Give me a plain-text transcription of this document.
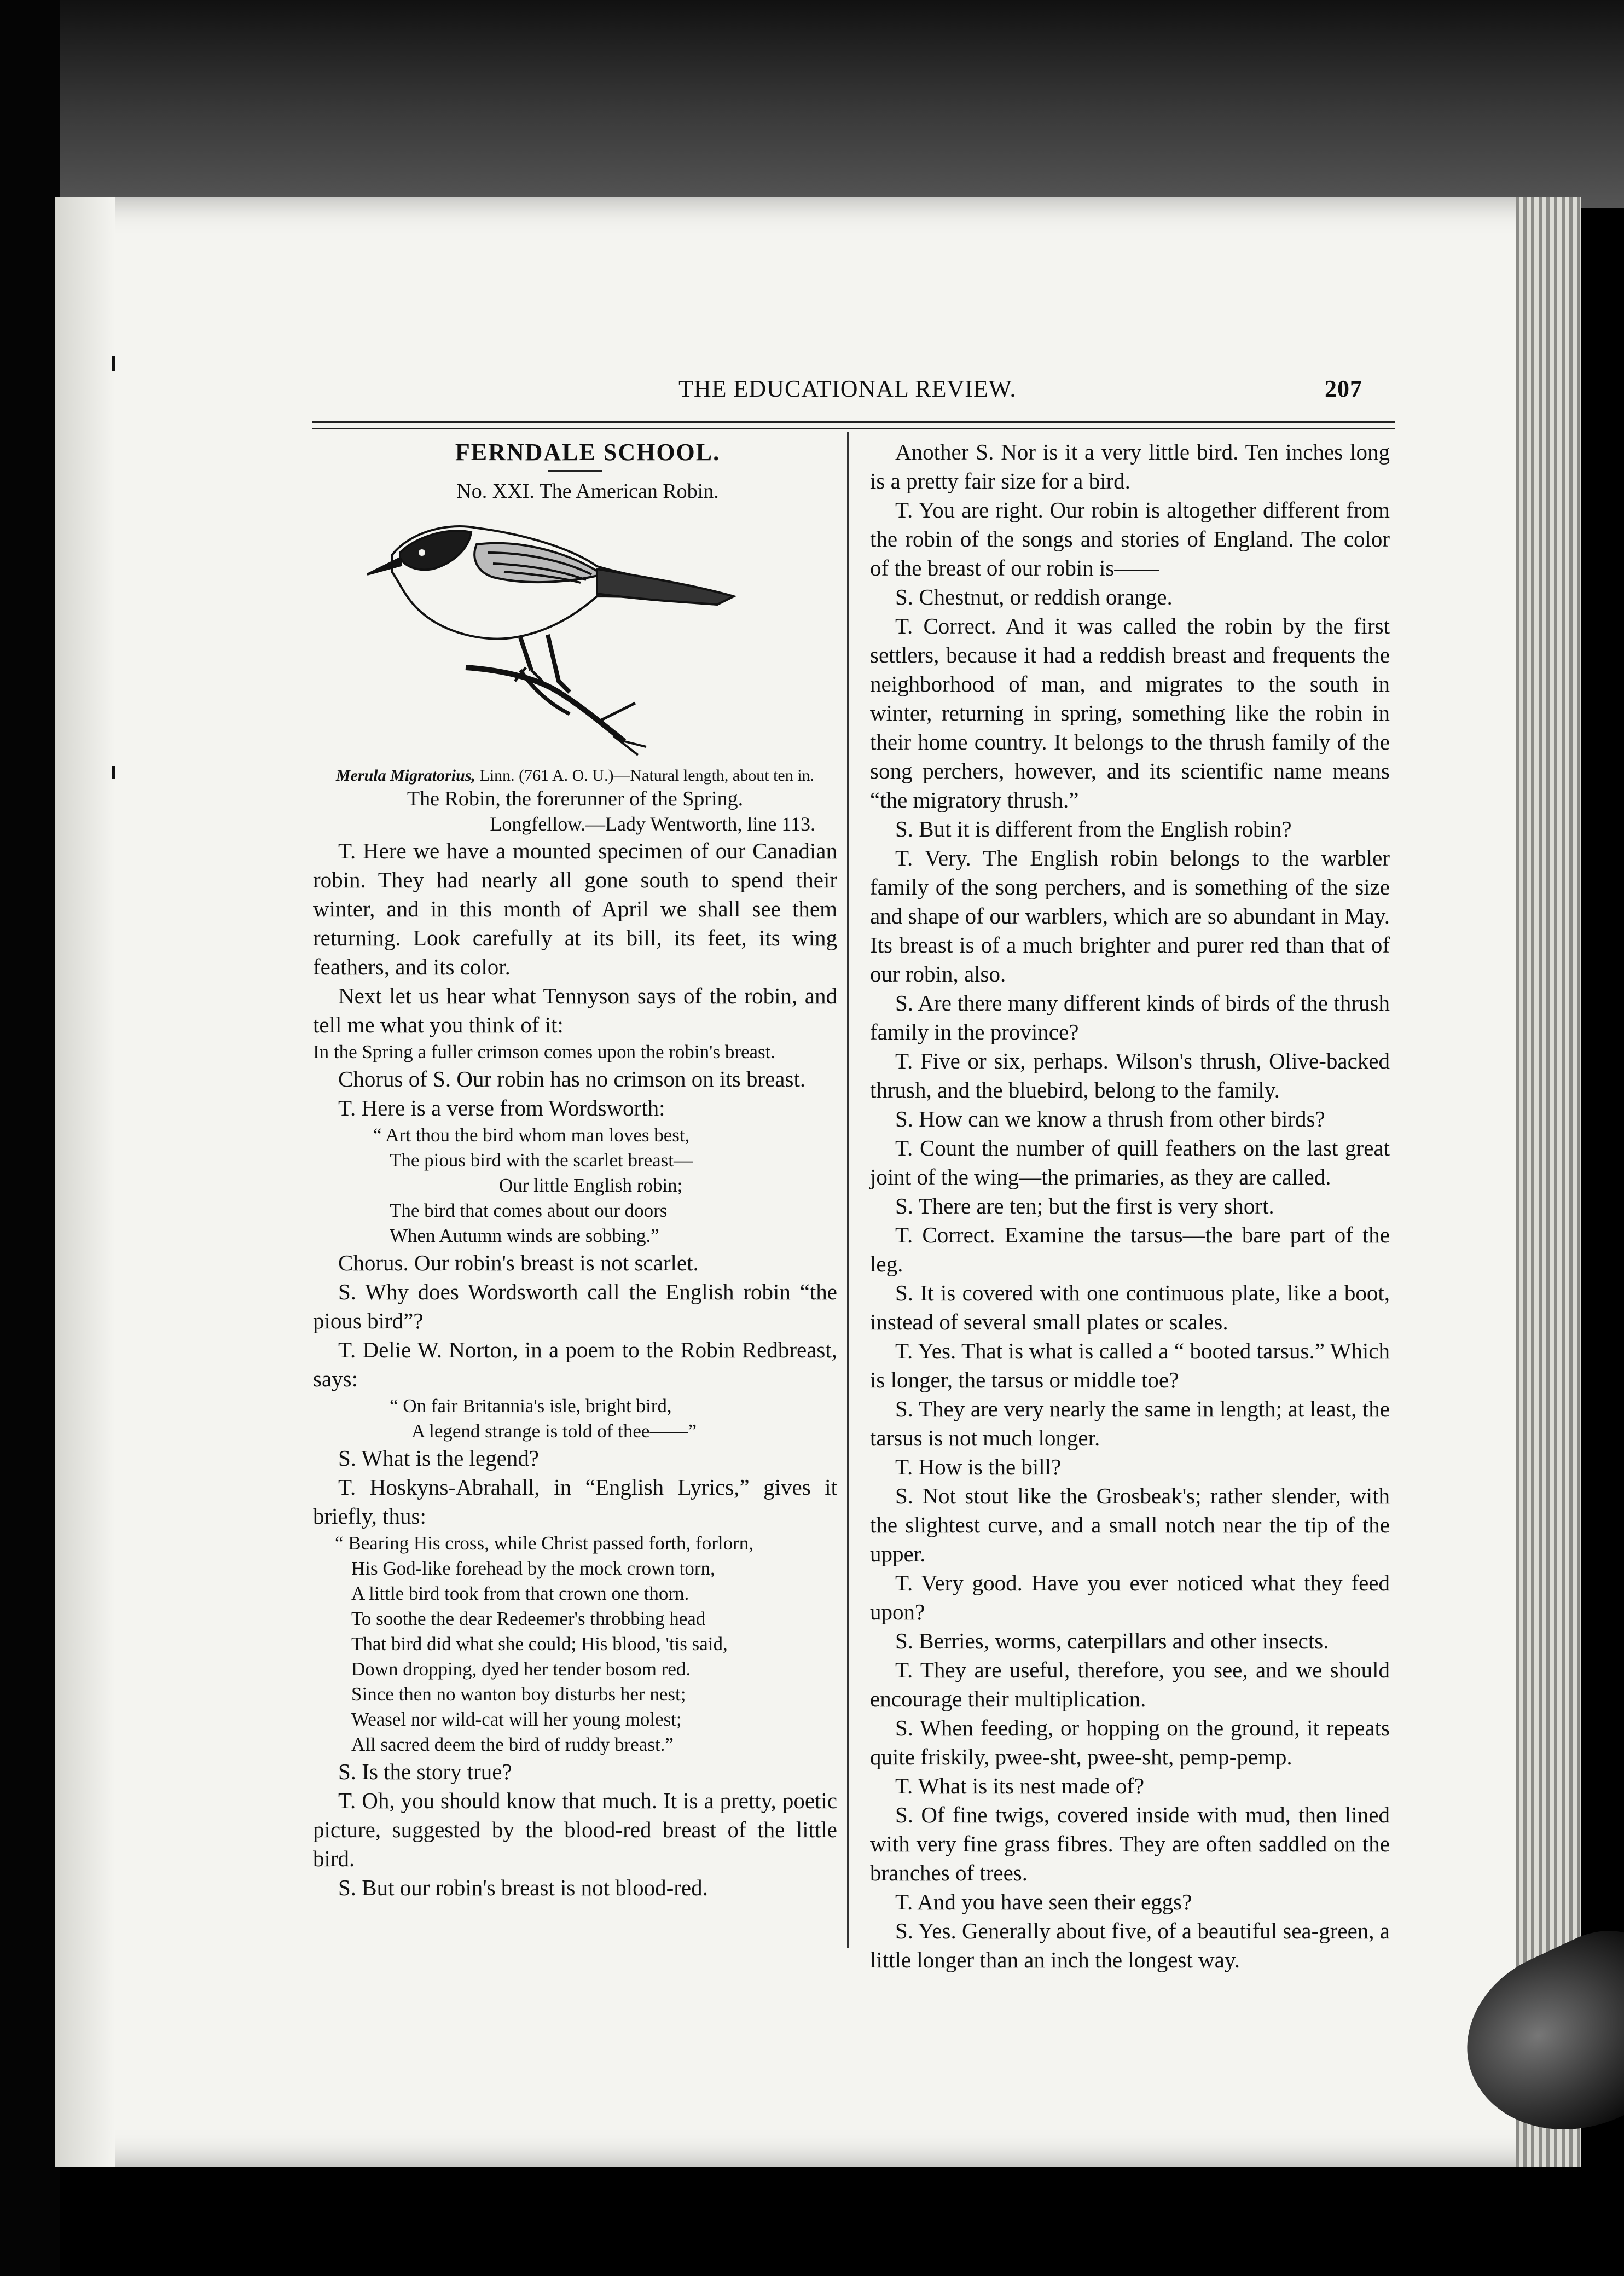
THE EDUCATIONAL REVIEW.	207

FERNDALE SCHOOL.

No. XXI. The American Robin.

Merula Migratorius, Linn. (761 A. O. U.)—Natural length, about ten in.

The Robin, the forerunner of the Spring.

Longfellow.—Lady Wentworth, line 113.

T. Here we have a mounted specimen of our Canadian robin. They had nearly all gone south to spend their winter, and in this month of April we shall see them returning. Look carefully at its bill, its feet, its wing feathers, and its color.

Next let us hear what Tennyson says of the robin, and tell me what you think of it:

In the Spring a fuller crimson comes upon the robin's breast.

Chorus of S. Our robin has no crimson on its breast.

T. Here is a verse from Wordsworth:

“ Art thou the bird whom man loves best,
The pious bird with the scarlet breast—
Our little English robin;
The bird that comes about our doors
When Autumn winds are sobbing.”

Chorus. Our robin's breast is not scarlet.

S. Why does Wordsworth call the English robin “the pious bird”?

T. Delie W. Norton, in a poem to the Robin Redbreast, says:

“ On fair Britannia's isle, bright bird,
A legend strange is told of thee——”

S. What is the legend?

T. Hoskyns-Abrahall, in “English Lyrics,” gives it briefly, thus:

“ Bearing His cross, while Christ passed forth, forlorn,
His God-like forehead by the mock crown torn,
A little bird took from that crown one thorn.
To soothe the dear Redeemer's throbbing head
That bird did what she could; His blood, 'tis said,
Down dropping, dyed her tender bosom red.
Since then no wanton boy disturbs her nest;
Weasel nor wild-cat will her young molest;
All sacred deem the bird of ruddy breast.”

S. Is the story true?

T. Oh, you should know that much. It is a pretty, poetic picture, suggested by the blood-red breast of the little bird.

S. But our robin's breast is not blood-red.

Another S. Nor is it a very little bird. Ten inches long is a pretty fair size for a bird.

T. You are right. Our robin is altogether different from the robin of the songs and stories of England. The color of the breast of our robin is——

S. Chestnut, or reddish orange.

T. Correct. And it was called the robin by the first settlers, because it had a reddish breast and frequents the neighborhood of man, and migrates to the south in winter, returning in spring, something like the robin in their home country. It belongs to the thrush family of the song perchers, however, and its scientific name means “the migratory thrush.”

S. But it is different from the English robin?

T. Very. The English robin belongs to the warbler family of the song perchers, and is something of the size and shape of our warblers, which are so abundant in May. Its breast is of a much brighter and purer red than that of our robin, also.

S. Are there many different kinds of birds of the thrush family in the province?

T. Five or six, perhaps. Wilson's thrush, Olive-backed thrush, and the bluebird, belong to the family.

S. How can we know a thrush from other birds?

T. Count the number of quill feathers on the last great joint of the wing—the primaries, as they are called.

S. There are ten; but the first is very short.

T. Correct. Examine the tarsus—the bare part of the leg.

S. It is covered with one continuous plate, like a boot, instead of several small plates or scales.

T. Yes. That is what is called a “ booted tarsus.” Which is longer, the tarsus or middle toe?

S. They are very nearly the same in length; at least, the tarsus is not much longer.

T. How is the bill?

S. Not stout like the Grosbeak's; rather slender, with the slightest curve, and a small notch near the tip of the upper.

T. Very good. Have you ever noticed what they feed upon?

S. Berries, worms, caterpillars and other insects.

T. They are useful, therefore, you see, and we should encourage their multiplication.

S. When feeding, or hopping on the ground, it repeats quite friskily, pwee-sht, pwee-sht, pemp-pemp.

T. What is its nest made of?

S. Of fine twigs, covered inside with mud, then lined with very fine grass fibres. They are often saddled on the branches of trees.

T. And you have seen their eggs?

S. Yes. Generally about five, of a beautiful sea-green, a little longer than an inch the longest way.
